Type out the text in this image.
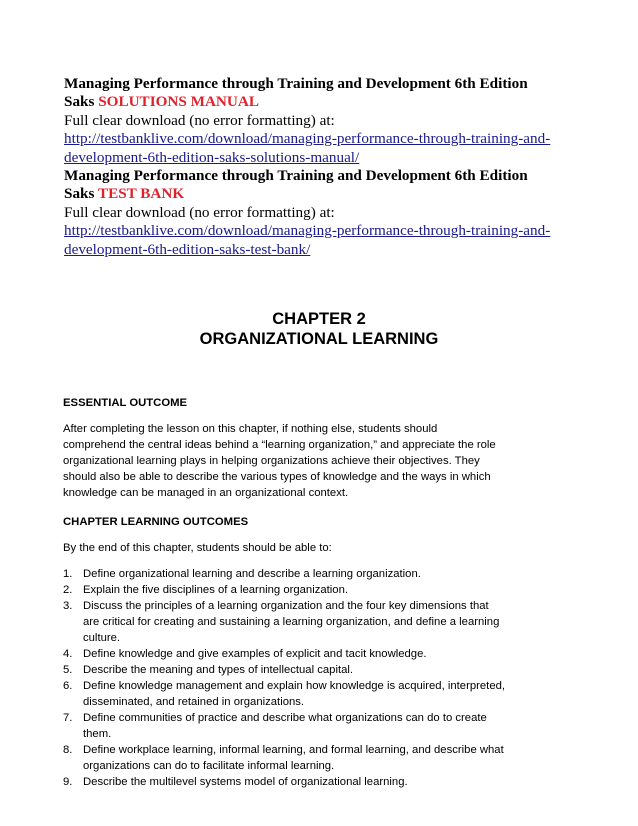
Managing Performance through Training and Development 6th Edition
Saks SOLUTIONS MANUAL

Full clear download (no error formatting) at:

http://testbanklive.com/download/managing-performance-through-training-and-
development-6th-edition-saks-solutions-manual/

Managing Performance through Training and Development 6th Edition
Saks TEST BANK

Full clear download (no error formatting) at:

http://testbanklive.com/download/managing-performance-through-training-and-
development-6th-edition-saks-test-bank/
CHAPTER 2
ORGANIZATIONAL LEARNING

ESSENTIAL OUTCOME

After completing the lesson on this chapter, if nothing else, students should
comprehend the central ideas behind a “learning organization,” and appreciate the role
organizational learning plays in helping organizations achieve their objectives. They
should also be able to describe the various types of knowledge and the ways in which
knowledge can be managed in an organizational context.

CHAPTER LEARNING OUTCOMES

By the end of this chapter, students should be able to:

1. Define organizational learning and describe a learning organization.
2. Explain the five disciplines of a learning organization.
3. Discuss the principles of a learning organization and the four key dimensions that
are critical for creating and sustaining a learning organization, and define a learning
culture.
4. Define knowledge and give examples of explicit and tacit knowledge.
5. Describe the meaning and types of intellectual capital.
6. Define knowledge management and explain how knowledge is acquired, interpreted,
disseminated, and retained in organizations.
7. Define communities of practice and describe what organizations can do to create
them.
8. Define workplace learning, informal learning, and formal learning, and describe what
organizations can do to facilitate informal learning.
9. Describe the multilevel systems model of organizational learning.
